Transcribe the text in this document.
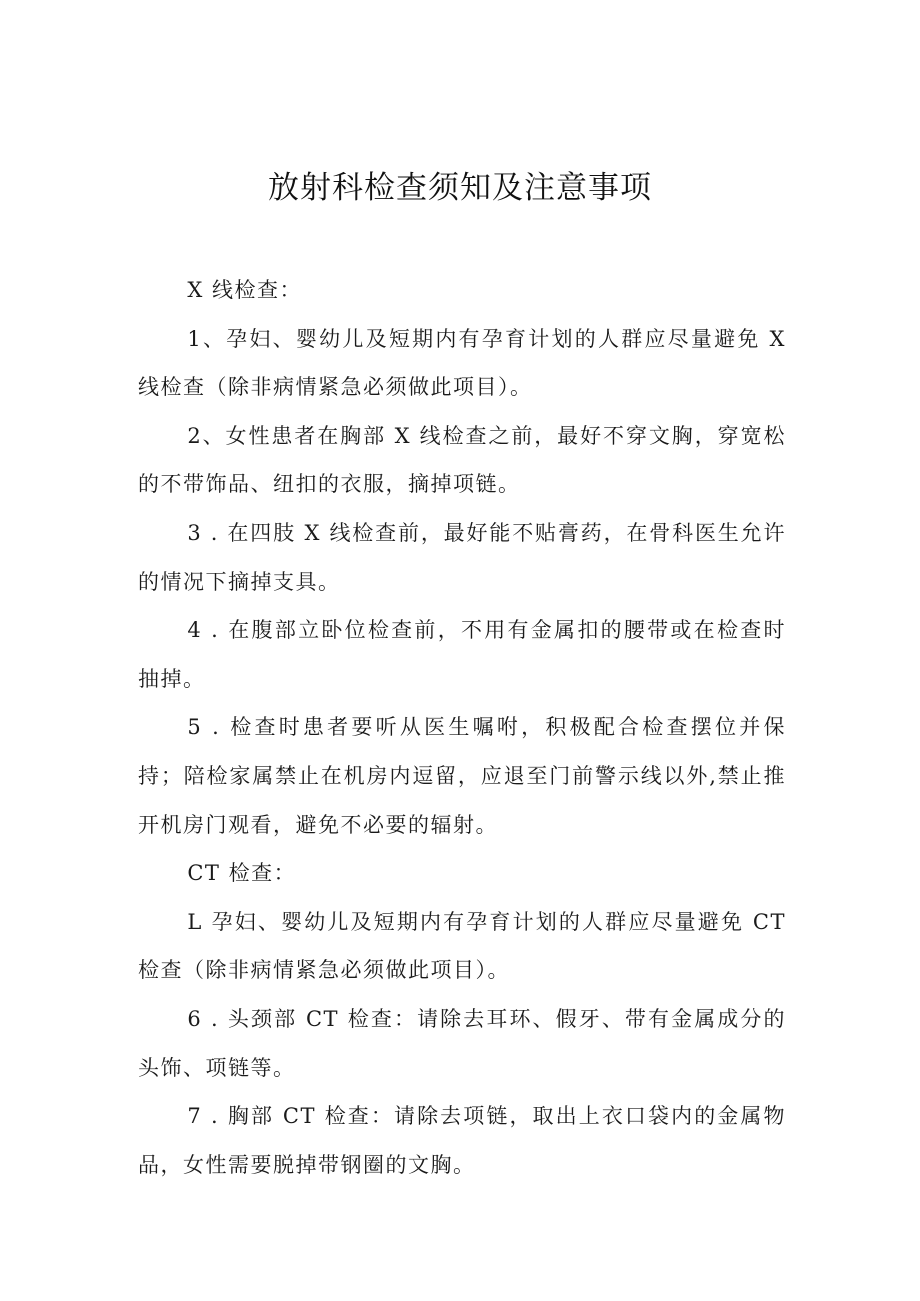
放射科检查须知及注意事项

X 线检查：

1、孕妇、婴幼儿及短期内有孕育计划的人群应尽量避免 X 线检查（除非病情紧急必须做此项目）。

2、女性患者在胸部 X 线检查之前，最好不穿文胸，穿宽松的不带饰品、纽扣的衣服，摘掉项链。

3 . 在四肢 X 线检查前，最好能不贴膏药，在骨科医生允许的情况下摘掉支具。

4 . 在腹部立卧位检查前，不用有金属扣的腰带或在检查时抽掉。

5 . 检查时患者要听从医生嘱咐，积极配合检查摆位并保持；陪检家属禁止在机房内逗留，应退至门前警示线以外,禁止推开机房门观看，避免不必要的辐射。

CT 检查：

L 孕妇、婴幼儿及短期内有孕育计划的人群应尽量避免 CT 检查（除非病情紧急必须做此项目）。

6 . 头颈部 CT 检查：请除去耳环、假牙、带有金属成分的头饰、项链等。

7 . 胸部 CT 检查：请除去项链，取出上衣口袋内的金属物品，女性需要脱掉带钢圈的文胸。
